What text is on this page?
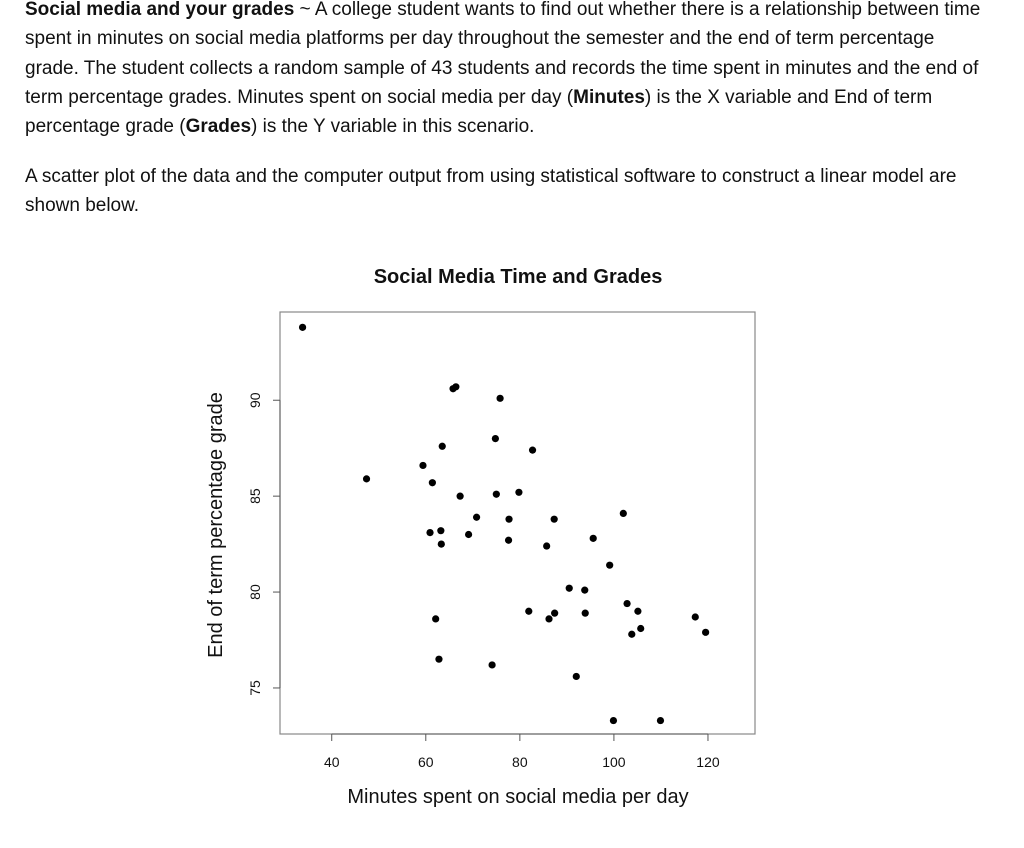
Social media and your grades ~ A college student wants to find out whether there is a relationship between time spent in minutes on social media platforms per day throughout the semester and the end of term percentage grade. The student collects a random sample of 43 students and records the time spent in minutes and the end of term percentage grades. Minutes spent on social media per day (Minutes) is the X variable and End of term percentage grade (Grades) is the Y variable in this scenario.

A scatter plot of the data and the computer output from using statistical software to construct a linear model are shown below.

Social Media Time and Grades
40	60	80	100	120
75
80
85
90
Minutes spent on social media per day
End of term percentage grade
